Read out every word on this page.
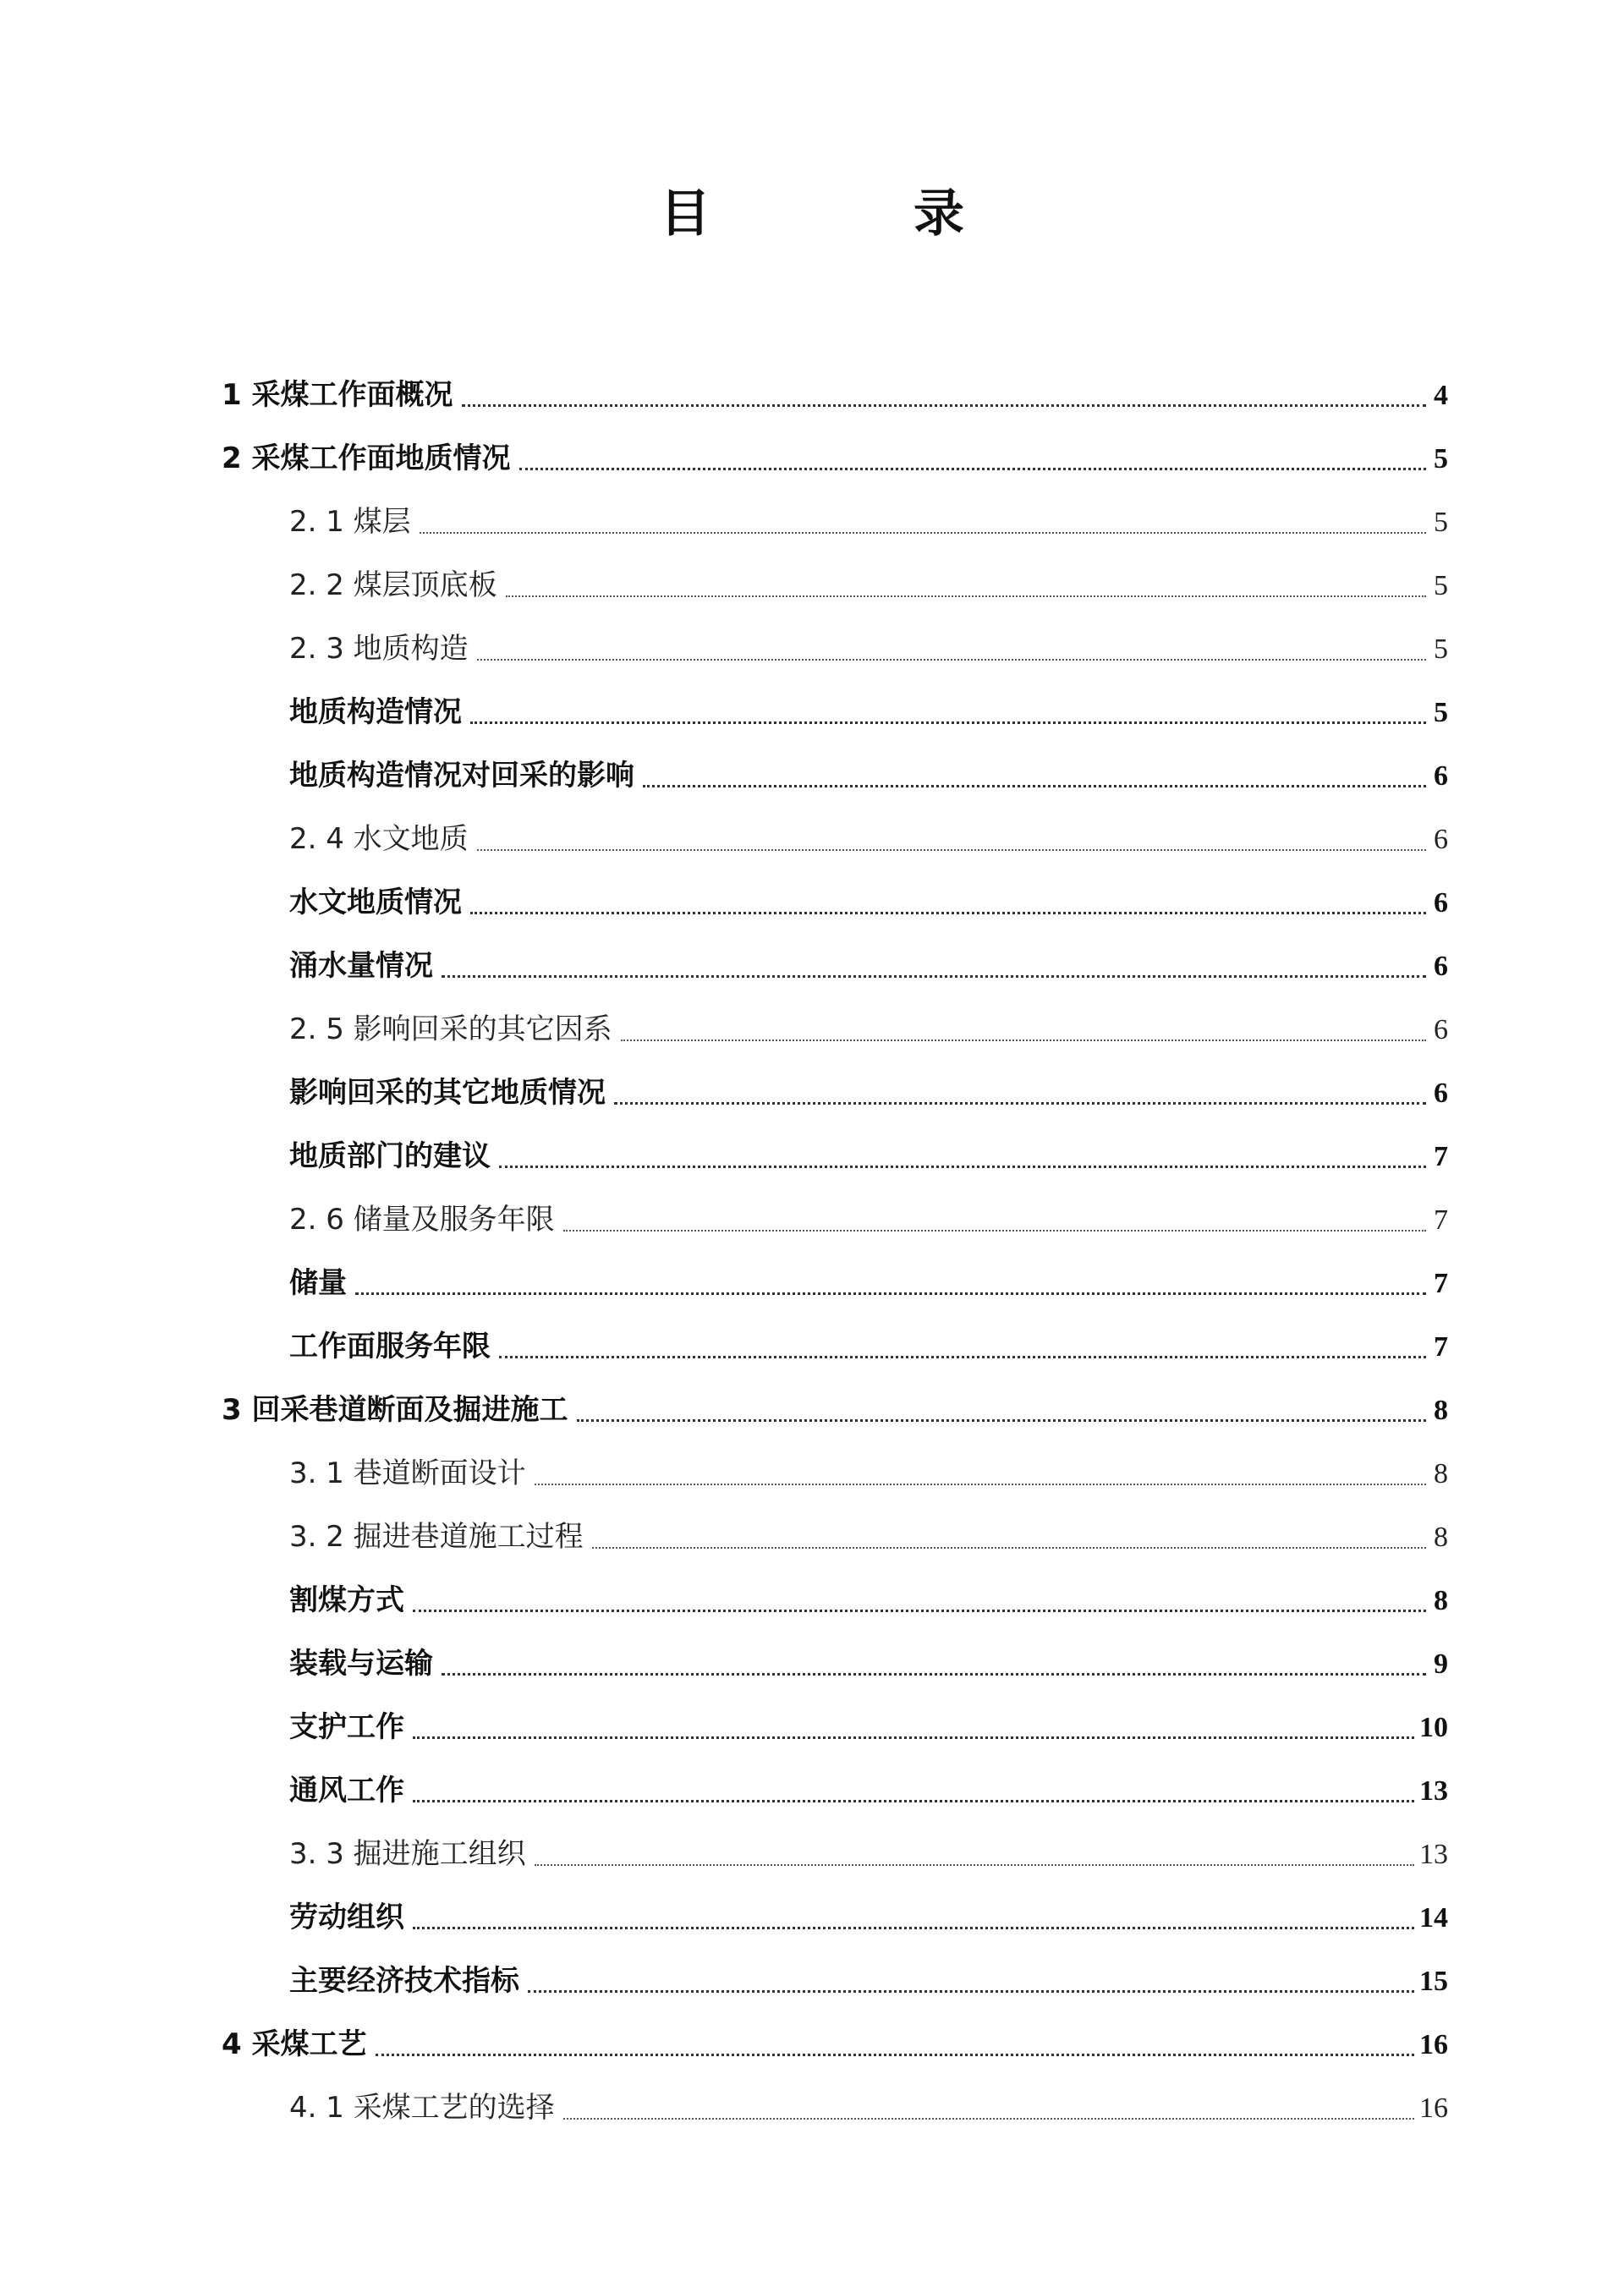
目　录
1 采煤工作面概况	4
2 采煤工作面地质情况	5
2. 1 煤层	5
2. 2 煤层顶底板	5
2. 3 地质构造	5
地质构造情况	5
地质构造情况对回采的影响	6
2. 4 水文地质	6
水文地质情况	6
涌水量情况	6
2. 5 影响回采的其它因系	6
影响回采的其它地质情况	6
地质部门的建议	7
2. 6 储量及服务年限	7
储量	7
工作面服务年限	7
3 回采巷道断面及掘进施工	8
3. 1 巷道断面设计	8
3. 2 掘进巷道施工过程	8
割煤方式	8
装载与运输	9
支护工作	10
通风工作	13
3. 3 掘进施工组织	13
劳动组织	14
主要经济技术指标	15
4 采煤工艺	16
4. 1 采煤工艺的选择	16
